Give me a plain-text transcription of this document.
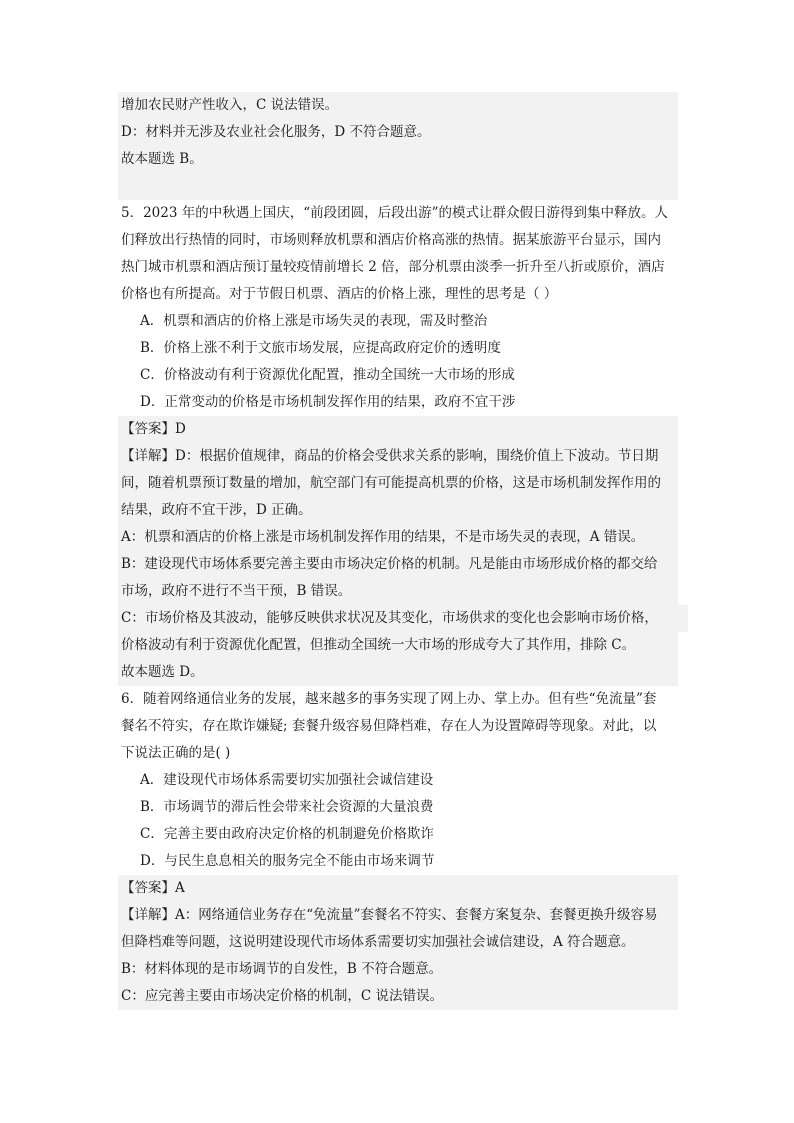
增加农民财产性收入，C 说法错误。
D：材料并无涉及农业社会化服务，D 不符合题意。
故本题选 B。
5．2023 年的中秋遇上国庆，“前段团圆，后段出游”的模式让群众假日游得到集中释放。人
们释放出行热情的同时，市场则释放机票和酒店价格高涨的热情。据某旅游平台显示，国内
热门城市机票和酒店预订量较疫情前增长 2 倍，部分机票由淡季一折升至八折或原价，酒店
价格也有所提高。对于节假日机票、酒店的价格上涨，理性的思考是（ ）
A．机票和酒店的价格上涨是市场失灵的表现，需及时整治
B．价格上涨不利于文旅市场发展，应提高政府定价的透明度
C．价格波动有利于资源优化配置，推动全国统一大市场的形成
D．正常变动的价格是市场机制发挥作用的结果，政府不宜干涉
【答案】D
【详解】D：根据价值规律，商品的价格会受供求关系的影响，围绕价值上下波动。节日期
间，随着机票预订数量的增加，航空部门有可能提高机票的价格，这是市场机制发挥作用的
结果，政府不宜干涉，D 正确。
A：机票和酒店的价格上涨是市场机制发挥作用的结果，不是市场失灵的表现，A 错误。
B：建设现代市场体系要完善主要由市场决定价格的机制。凡是能由市场形成价格的都交给
市场，政府不进行不当干预，B 错误。
C：市场价格及其波动，能够反映供求状况及其变化，市场供求的变化也会影响市场价格，
价格波动有利于资源优化配置，但推动全国统一大市场的形成夸大了其作用，排除 C。
故本题选 D。
6．随着网络通信业务的发展，越来越多的事务实现了网上办、掌上办。但有些“免流量”套
餐名不符实，存在欺诈嫌疑; 套餐升级容易但降档难，存在人为设置障碍等现象。对此，以
下说法正确的是( )
A．建设现代市场体系需要切实加强社会诚信建设
B．市场调节的滞后性会带来社会资源的大量浪费
C．完善主要由政府决定价格的机制避免价格欺诈
D．与民生息息相关的服务完全不能由市场来调节
【答案】A
【详解】A：网络通信业务存在“免流量”套餐名不符实、套餐方案复杂、套餐更换升级容易
但降档难等问题，这说明建设现代市场体系需要切实加强社会诚信建设，A 符合题意。
B：材料体现的是市场调节的自发性，B 不符合题意。
C：应完善主要由市场决定价格的机制，C 说法错误。
